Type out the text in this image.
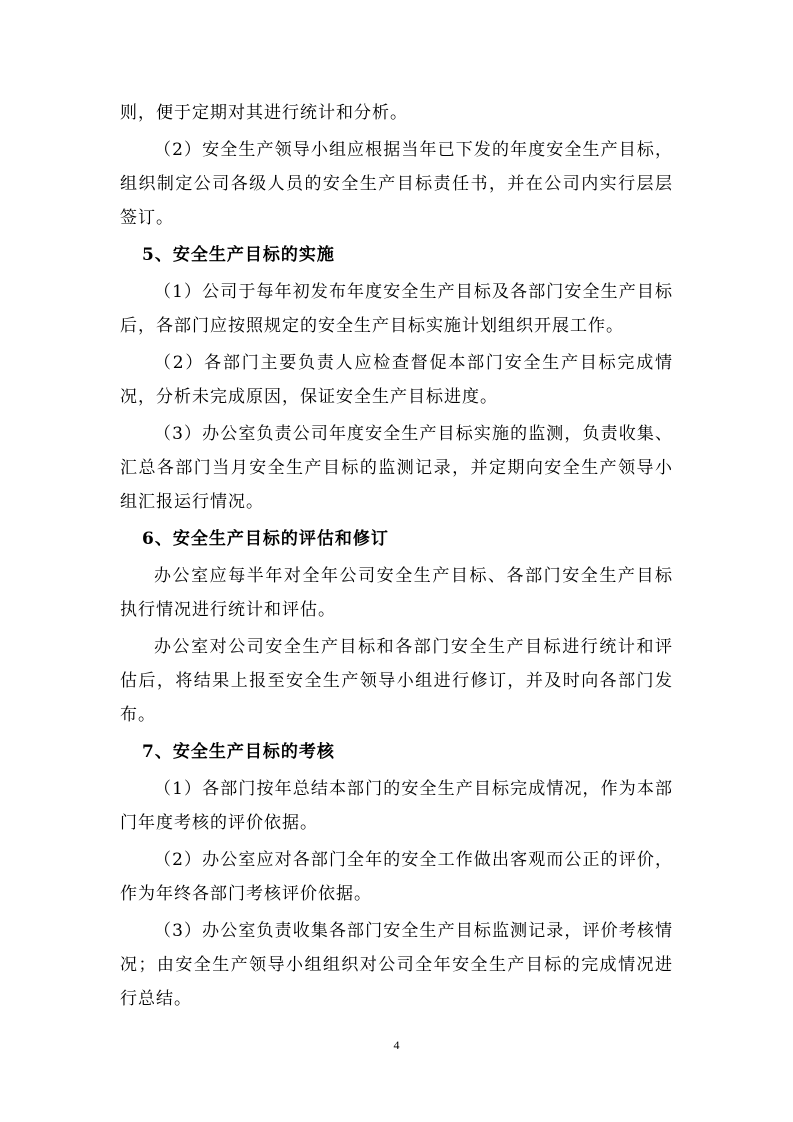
则，便于定期对其进行统计和分析。

（2）安全生产领导小组应根据当年已下发的年度安全生产目标，组织制定公司各级人员的安全生产目标责任书，并在公司内实行层层签订。

5、安全生产目标的实施

（1）公司于每年初发布年度安全生产目标及各部门安全生产目标后，各部门应按照规定的安全生产目标实施计划组织开展工作。

（2）各部门主要负责人应检查督促本部门安全生产目标完成情况，分析未完成原因，保证安全生产目标进度。

（3）办公室负责公司年度安全生产目标实施的监测，负责收集、汇总各部门当月安全生产目标的监测记录，并定期向安全生产领导小组汇报运行情况。

6、安全生产目标的评估和修订

办公室应每半年对全年公司安全生产目标、各部门安全生产目标执行情况进行统计和评估。

办公室对公司安全生产目标和各部门安全生产目标进行统计和评估后，将结果上报至安全生产领导小组进行修订，并及时向各部门发布。

7、安全生产目标的考核

（1）各部门按年总结本部门的安全生产目标完成情况，作为本部门年度考核的评价依据。

（2）办公室应对各部门全年的安全工作做出客观而公正的评价，作为年终各部门考核评价依据。

（3）办公室负责收集各部门安全生产目标监测记录，评价考核情况；由安全生产领导小组组织对公司全年安全生产目标的完成情况进行总结。

4
